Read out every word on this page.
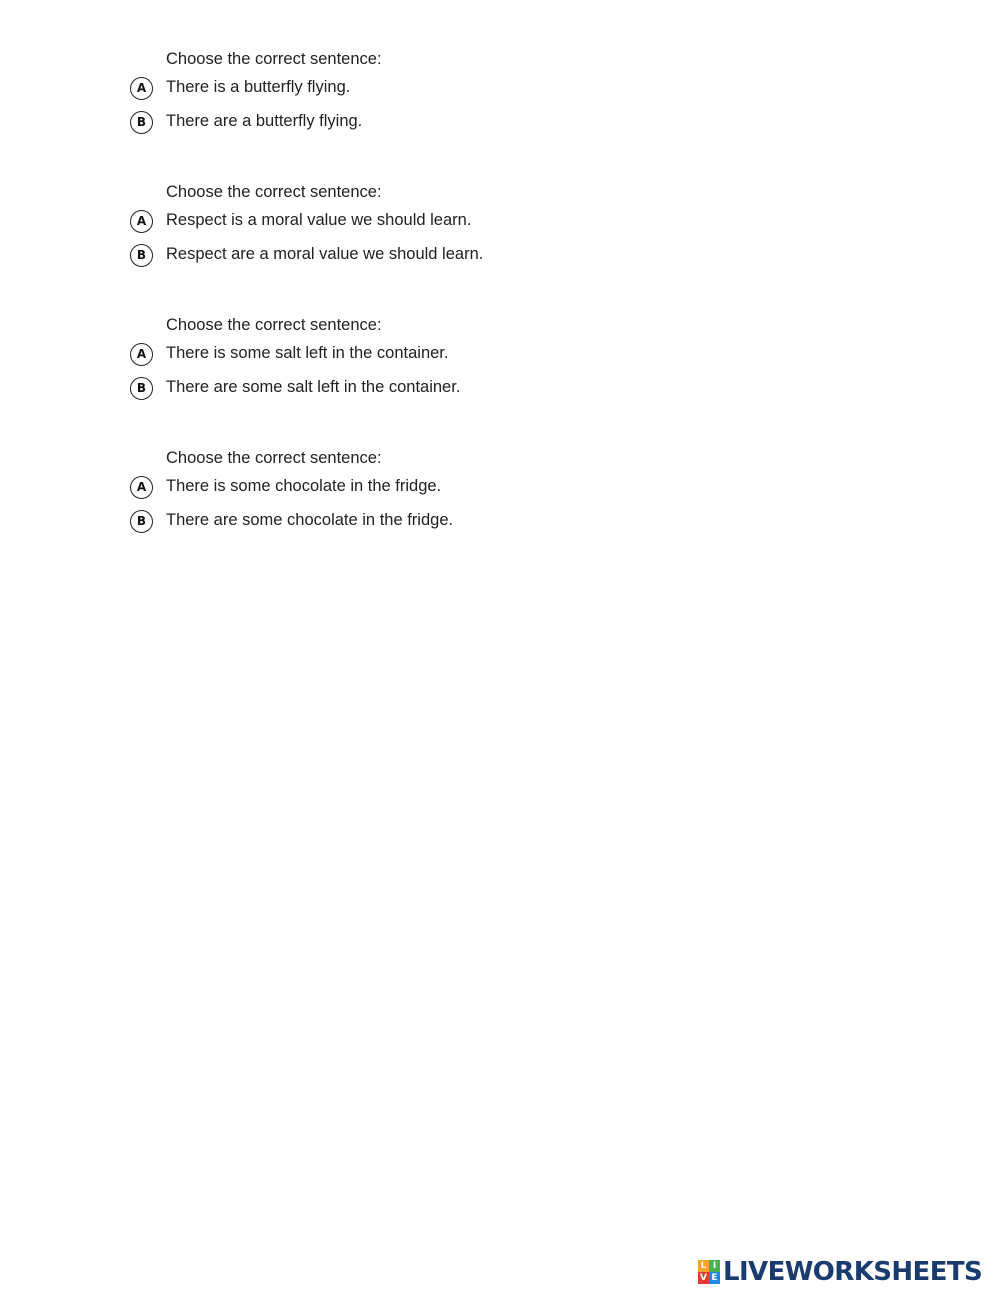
Choose the correct sentence:
A	There is a butterfly flying.
B	There are a butterfly flying.
Choose the correct sentence:
A	Respect is a moral value we should learn.
B	Respect are a moral value we should learn.
Choose the correct sentence:
A	There is some salt left in the container.
B	There are some salt left in the container.
Choose the correct sentence:
A	There is some chocolate in the fridge.
B	There are some chocolate in the fridge.
L I
V E LIVEWORKSHEETS
